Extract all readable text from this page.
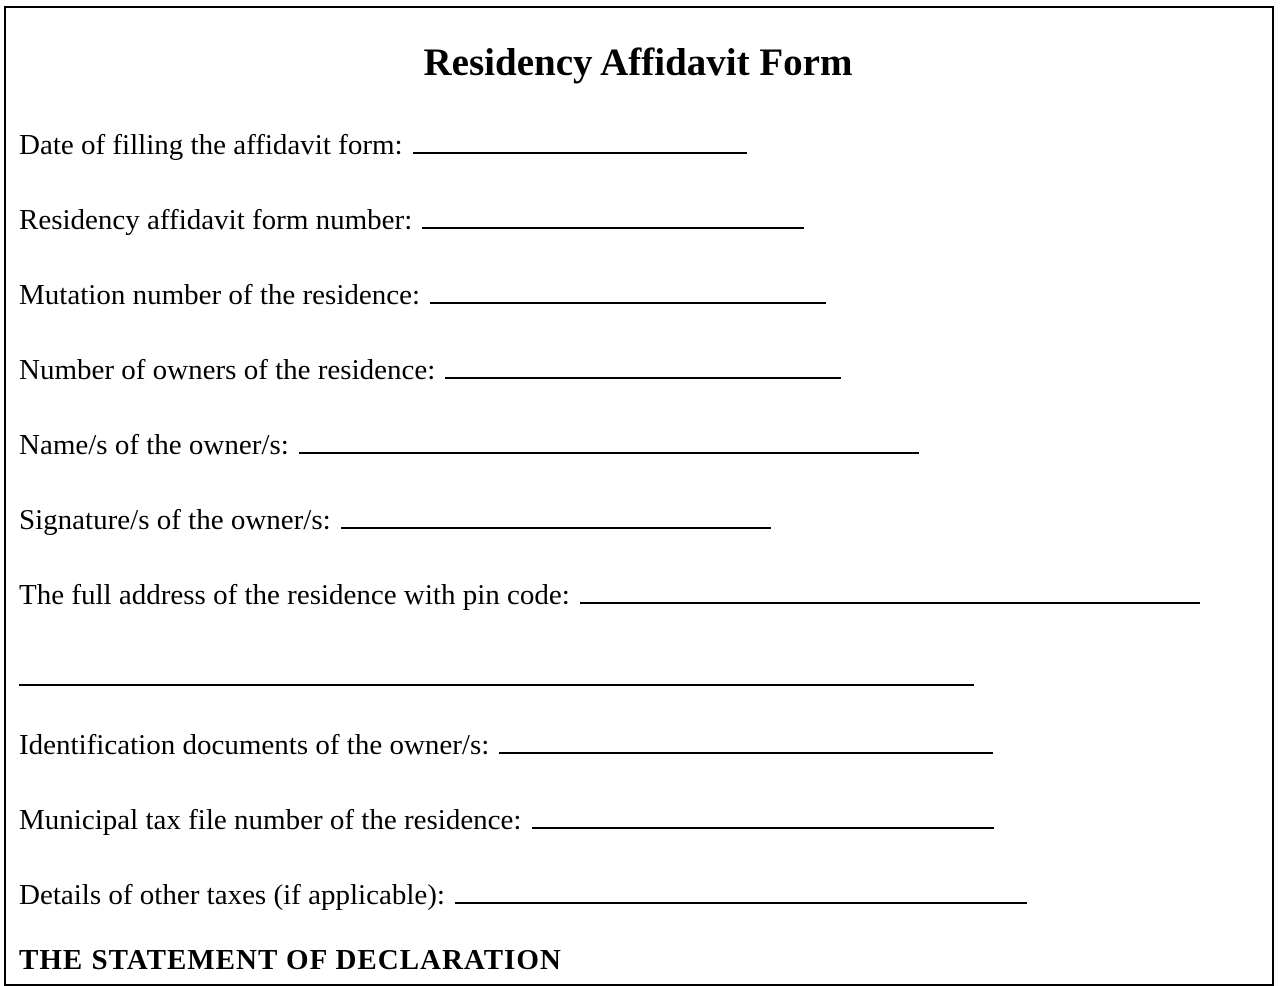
Residency Affidavit Form
Date of filling the affidavit form:
Residency affidavit form number:
Mutation number of the residence:
Number of owners of the residence:
Name/s of the owner/s:
Signature/s of the owner/s:
The full address of the residence with pin code:
Identification documents of the owner/s:
Municipal tax file number of the residence:
Details of other taxes (if applicable):
THE STATEMENT OF DECLARATION
